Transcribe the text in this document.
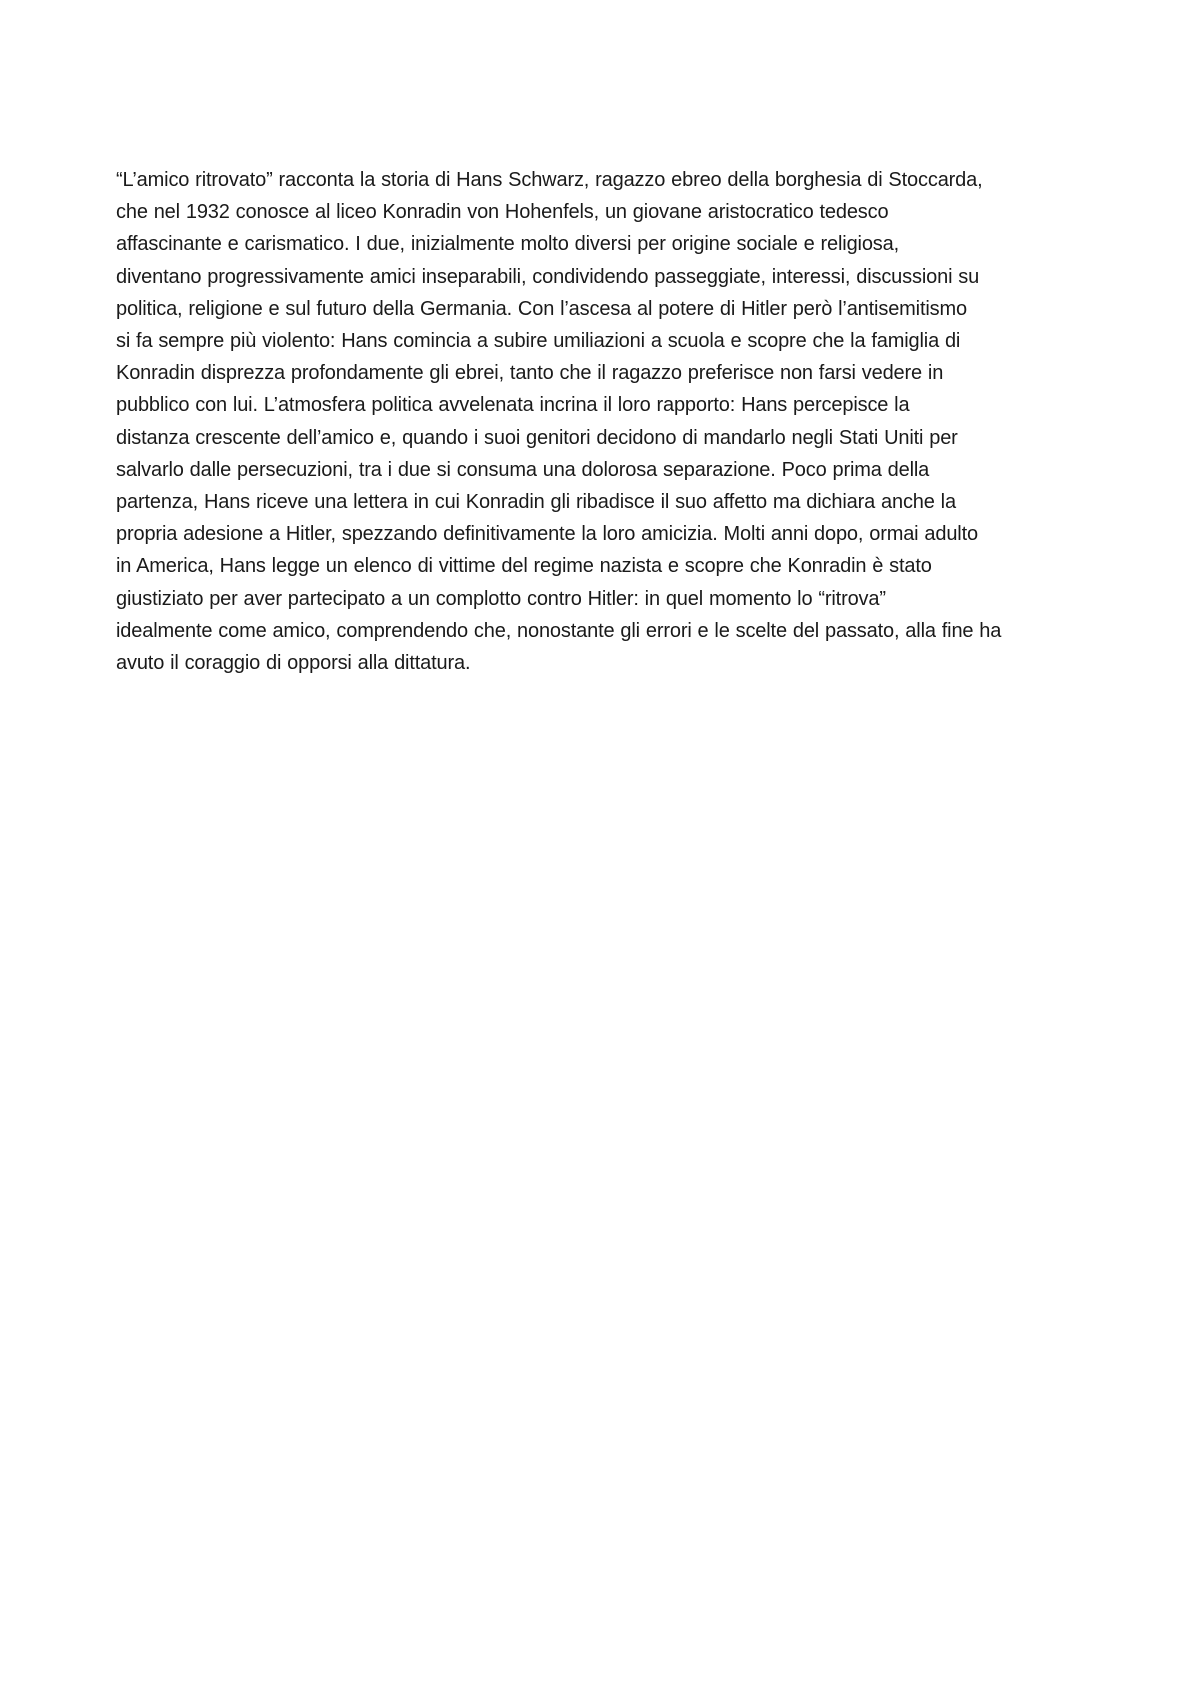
“L’amico ritrovato” racconta la storia di Hans Schwarz, ragazzo ebreo della borghesia di Stoccarda,
che nel 1932 conosce al liceo Konradin von Hohenfels, un giovane aristocratico tedesco
affascinante e carismatico. I due, inizialmente molto diversi per origine sociale e religiosa,
diventano progressivamente amici inseparabili, condividendo passeggiate, interessi, discussioni su
politica, religione e sul futuro della Germania. Con l’ascesa al potere di Hitler però l’antisemitismo
si fa sempre più violento: Hans comincia a subire umiliazioni a scuola e scopre che la famiglia di
Konradin disprezza profondamente gli ebrei, tanto che il ragazzo preferisce non farsi vedere in
pubblico con lui. L’atmosfera politica avvelenata incrina il loro rapporto: Hans percepisce la
distanza crescente dell’amico e, quando i suoi genitori decidono di mandarlo negli Stati Uniti per
salvarlo dalle persecuzioni, tra i due si consuma una dolorosa separazione. Poco prima della
partenza, Hans riceve una lettera in cui Konradin gli ribadisce il suo affetto ma dichiara anche la
propria adesione a Hitler, spezzando definitivamente la loro amicizia. Molti anni dopo, ormai adulto
in America, Hans legge un elenco di vittime del regime nazista e scopre che Konradin è stato
giustiziato per aver partecipato a un complotto contro Hitler: in quel momento lo “ritrova”
idealmente come amico, comprendendo che, nonostante gli errori e le scelte del passato, alla fine ha
avuto il coraggio di opporsi alla dittatura.
